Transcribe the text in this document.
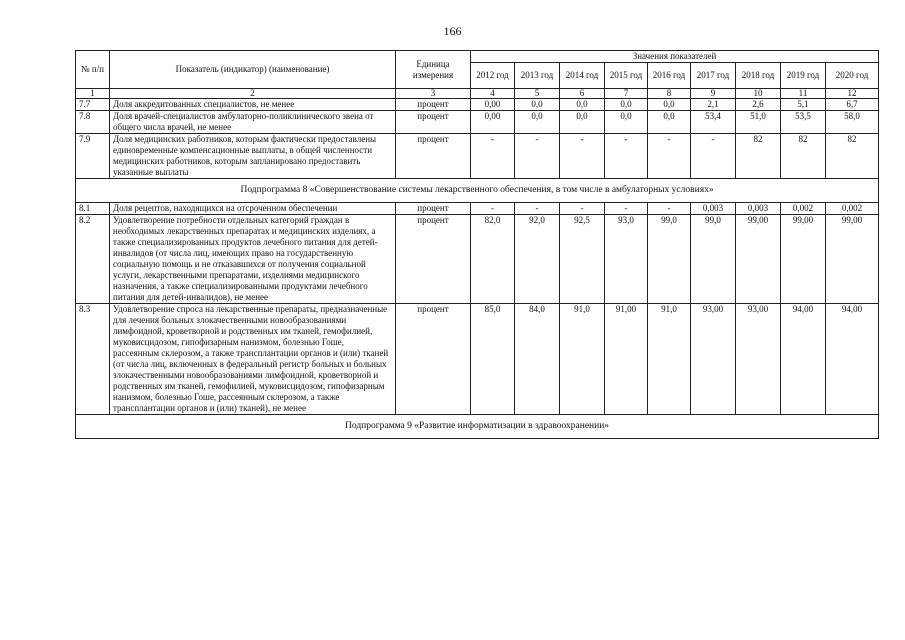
166
№ п/п	Показатель (индикатор) (наименование)	Единица измерения	Значения показателей								
			2012 год	2013 год	2014 год	2015 год	2016 год	2017 год	2018 год	2019 год	2020 год
1	2	3	4	5	6	7	8	9	10	11	12
7.7	Доля аккредитованных специалистов, не менее	процент	0,00	0,0	0,0	0,0	0,0	2,1	2,6	5,1	6,7
7.8	Доля врачей-специалистов амбулаторно-поликлинического звена от общего числа врачей, не менее	процент	0,00	0,0	0,0	0,0	0,0	53,4	51,0	53,5	58,0
7.9	Доля медицинских работников, которым фактически предоставлены единовременные компенсационные выплаты, в общей численности медицинских работников, которым запланировано предоставить указанные выплаты	процент	-	-	-	-	-	-	82	82	82
Подпрограмма 8 «Совершенствование системы лекарственного обеспечения, в том числе в амбулаторных условиях»											
8.1	Доля рецептов, находящихся на отсроченном обеспечении	процент	-	-	-	-	-	0,003	0,003	0,002	0,002
8.2	Удовлетворение потребности отдельных категорий граждан в необходимых лекарственных препаратах и медицинских изделиях, а также специализированных продуктов лечебного питания для детей-инвалидов (от числа лиц, имеющих право на государственную социальную помощь и не отказавшихся от получения социальной услуги, лекарственными препаратами, изделиями медицинского назначения, а также специализированными продуктами лечебного питания для детей-инвалидов), не менее	процент	82,0	92,0	92,5	93,0	99,0	99,0	99,00	99,00	99,00
8.3	Удовлетворение спроса на лекарственные препараты, предназначенные для лечения больных злокачественными новообразованиями лимфоидной, кроветворной и родственных им тканей, гемофилией, муковисцидозом, гипофизарным нанизмом, болезнью Гоше, рассеянным склерозом, а также трансплантации органов и (или) тканей (от числа лиц, включенных в федеральный регистр больных и больных злокачественными новообразованиями лимфоидной, кроветворной и родственных им тканей, гемофилией, муковисцидозом, гипофизарным нанизмом, болезнью Гоше, рассеянным склерозом, а также трансплантации органов и (или) тканей), не менее	процент	85,0	84,0	91,0	91,00	91,0	93,00	93,00	94,00	94,00
Подпрограмма 9 «Развитие информатизации в здравоохранении»											
